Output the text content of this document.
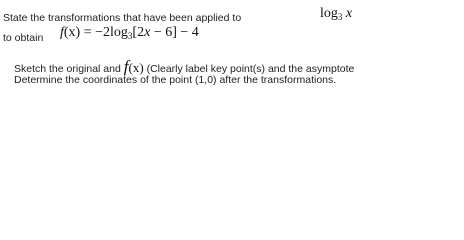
State the transformations that have been applied to	$\log_3 x$
to obtain $f(x) = -2\log_3[2x - 6] - 4$
Sketch the original and f(x) (Clearly label key point(s) and the asymptote
Determine the coordinates of the point (1,0) after the transformations.
